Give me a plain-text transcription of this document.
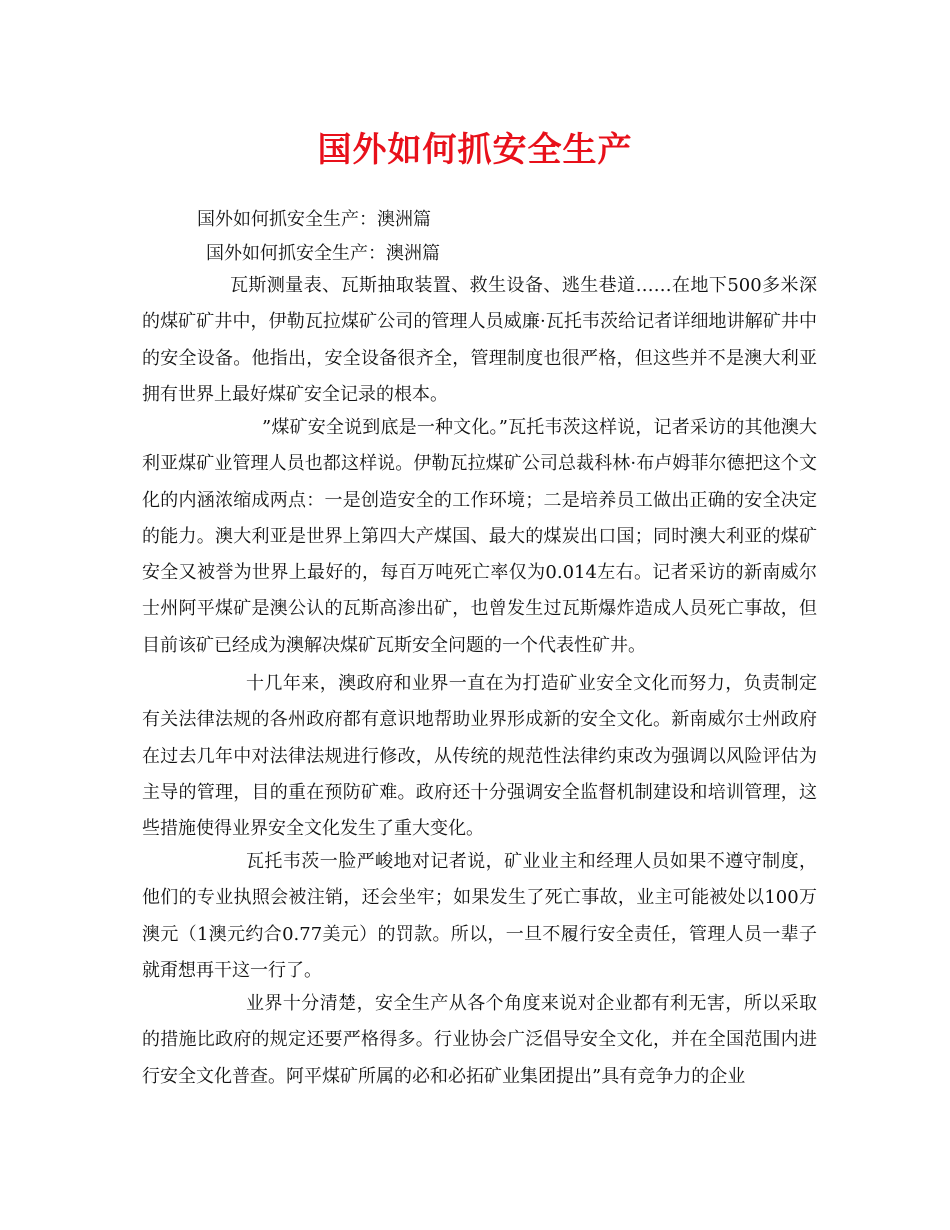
国外如何抓安全生产

国外如何抓安全生产：澳洲篇

国外如何抓安全生产：澳洲篇

瓦斯测量表、瓦斯抽取装置、救生设备、逃生巷道……在地下500多米深的煤矿矿井中，伊勒瓦拉煤矿公司的管理人员威廉·瓦托韦茨给记者详细地讲解矿井中的安全设备。他指出，安全设备很齐全，管理制度也很严格，但这些并不是澳大利亚拥有世界上最好煤矿安全记录的根本。

”煤矿安全说到底是一种文化。”瓦托韦茨这样说，记者采访的其他澳大利亚煤矿业管理人员也都这样说。伊勒瓦拉煤矿公司总裁科林·布卢姆菲尔德把这个文化的内涵浓缩成两点：一是创造安全的工作环境；二是培养员工做出正确的安全决定的能力。澳大利亚是世界上第四大产煤国、最大的煤炭出口国；同时澳大利亚的煤矿安全又被誉为世界上最好的，每百万吨死亡率仅为0.014左右。记者采访的新南威尔士州阿平煤矿是澳公认的瓦斯高渗出矿，也曾发生过瓦斯爆炸造成人员死亡事故，但目前该矿已经成为澳解决煤矿瓦斯安全问题的一个代表性矿井。

十几年来，澳政府和业界一直在为打造矿业安全文化而努力，负责制定有关法律法规的各州政府都有意识地帮助业界形成新的安全文化。新南威尔士州政府在过去几年中对法律法规进行修改，从传统的规范性法律约束改为强调以风险评估为主导的管理，目的重在预防矿难。政府还十分强调安全监督机制建设和培训管理，这些措施使得业界安全文化发生了重大变化。

瓦托韦茨一脸严峻地对记者说，矿业业主和经理人员如果不遵守制度，他们的专业执照会被注销，还会坐牢；如果发生了死亡事故，业主可能被处以100万澳元（1澳元约合0.77美元）的罚款。所以，一旦不履行安全责任，管理人员一辈子就甭想再干这一行了。

业界十分清楚，安全生产从各个角度来说对企业都有利无害，所以采取的措施比政府的规定还要严格得多。行业协会广泛倡导安全文化，并在全国范围内进行安全文化普查。阿平煤矿所属的必和必拓矿业集团提出”具有竞争力的企业
